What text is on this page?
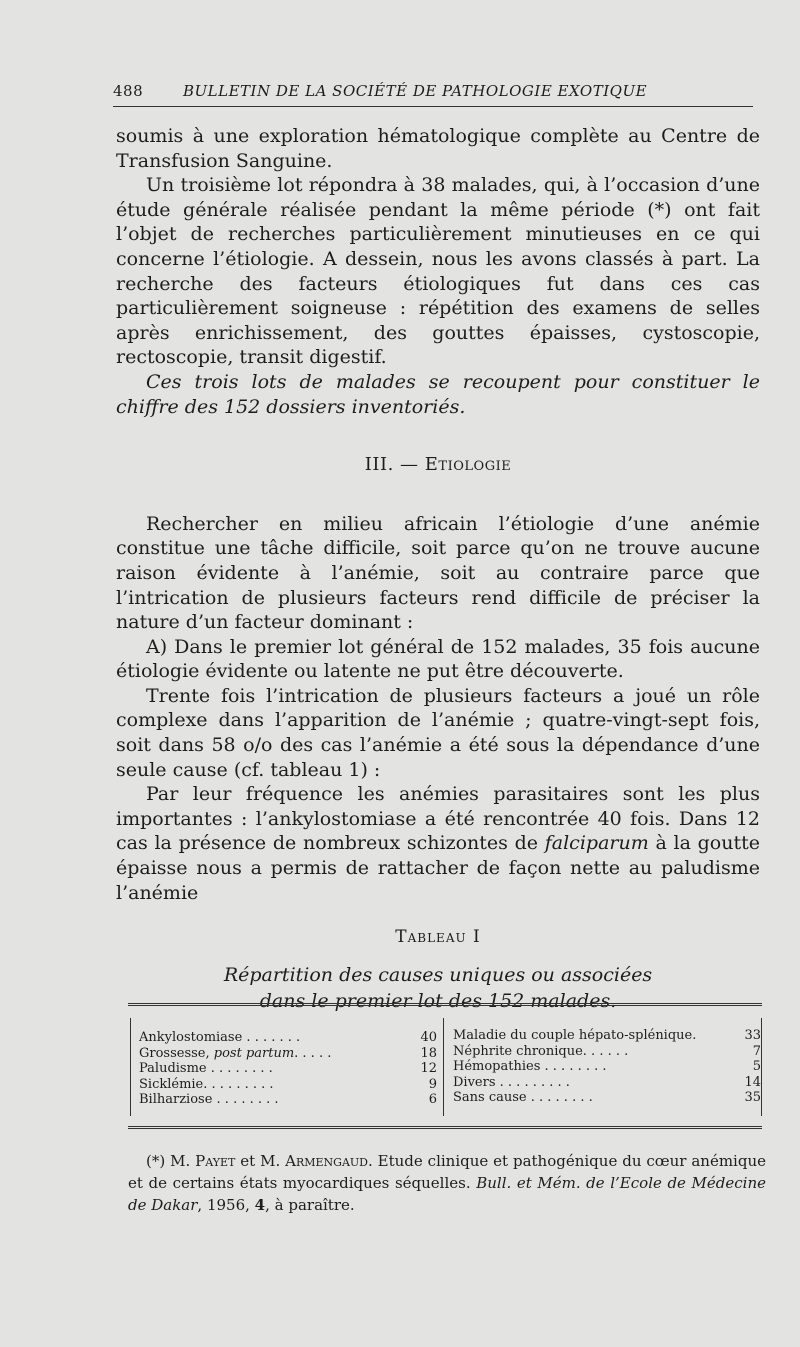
488	BULLETIN DE LA SOCIÉTÉ DE PATHOLOGIE EXOTIQUE

soumis à une exploration hématologique complète au Centre de Transfusion Sanguine.

Un troisième lot répondra à 38 malades, qui, à l’occasion d’une étude générale réalisée pendant la même période (*) ont fait l’objet de recherches particulièrement minutieuses en ce qui concerne l’étiologie. A dessein, nous les avons classés à part. La recherche des facteurs étiologiques fut dans ces cas particulièrement soigneuse : répétition des examens de selles après enrichissement, des gouttes épaisses, cystoscopie, rectoscopie, transit digestif.

Ces trois lots de malades se recoupent pour constituer le chiffre des 152 dossiers inventoriés.

III. — Etiologie

Rechercher en milieu africain l’étiologie d’une anémie constitue une tâche difficile, soit parce qu’on ne trouve aucune raison évidente à l’anémie, soit au contraire parce que l’intrication de plusieurs facteurs rend difficile de préciser la nature d’un facteur dominant :

A) Dans le premier lot général de 152 malades, 35 fois aucune étiologie évidente ou latente ne put être découverte.

Trente fois l’intrication de plusieurs facteurs a joué un rôle complexe dans l’apparition de l’anémie ; quatre-vingt-sept fois, soit dans 58 o/o des cas l’anémie a été sous la dépendance d’une seule cause (cf. tableau 1) :

Par leur fréquence les anémies parasitaires sont les plus importantes : l’ankylostomiase a été rencontrée 40 fois. Dans 12 cas la présence de nombreux schizontes de falciparum à la goutte épaisse nous a permis de rattacher de façon nette au paludisme l’anémie

Tableau I

Répartition des causes uniques ou associées
dans le premier lot des 152 malades.

Ankylostomiase . . . . . . .	40
Grossesse, post partum. . . . .	18
Paludisme . . . . . . . .	12
Sicklémie. . . . . . . . .	9
Bilharziose . . . . . . . .	6
Maladie du couple hépato-splénique.	33
Néphrite chronique. . . . . .	7
Hémopathies . . . . . . . .	5
Divers . . . . . . . . .	14
Sans cause . . . . . . . .	35

(*) M. Payet et M. Armengaud. Etude clinique et pathogénique du cœur anémique et de certains états myocardiques séquelles. Bull. et Mém. de l’Ecole de Médecine de Dakar, 1956, 4, à paraître.
